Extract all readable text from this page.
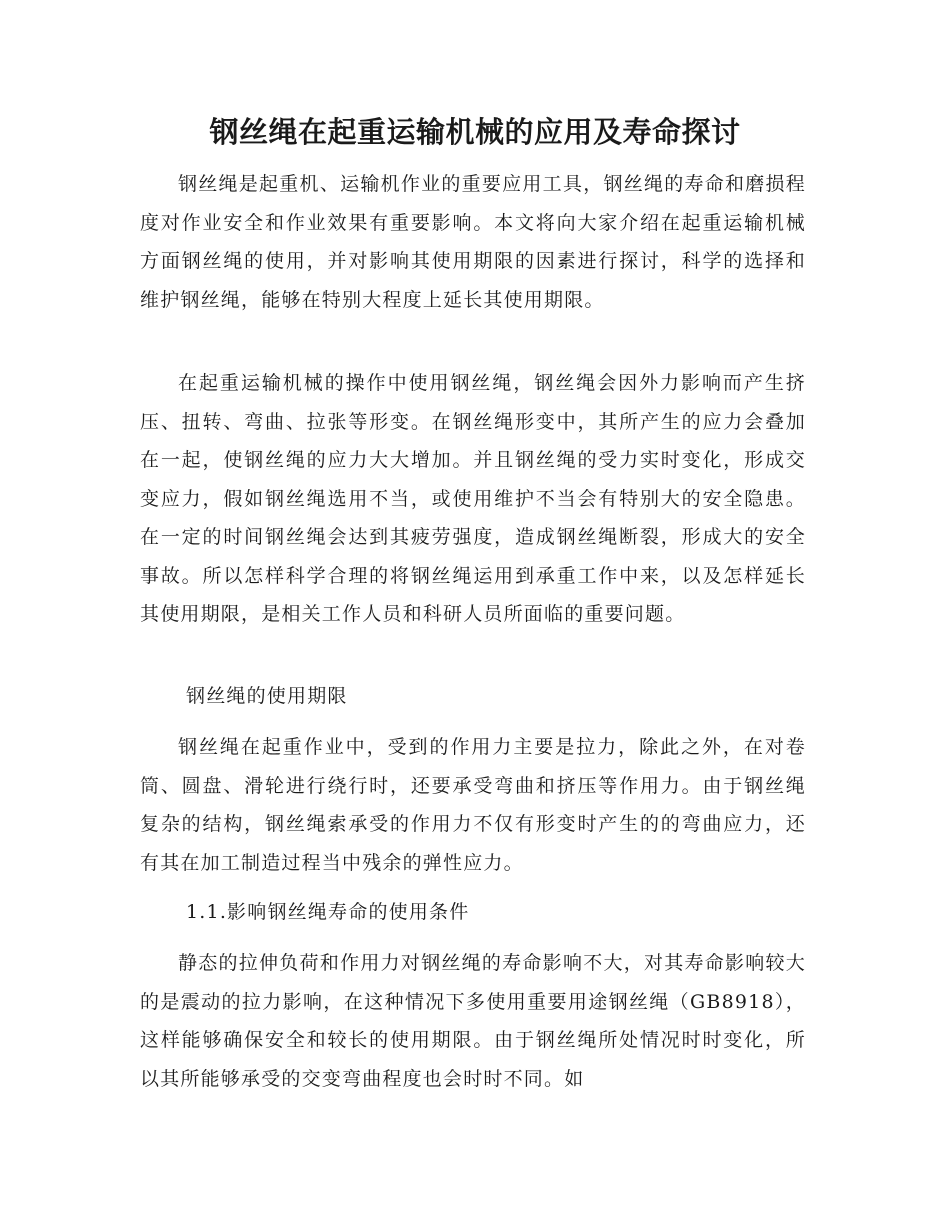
钢丝绳在起重运输机械的应用及寿命探讨

钢丝绳是起重机、运输机作业的重要应用工具，钢丝绳的寿命和磨损程度对作业安全和作业效果有重要影响。本文将向大家介绍在起重运输机械方面钢丝绳的使用，并对影响其使用期限的因素进行探讨，科学的选择和维护钢丝绳，能够在特别大程度上延长其使用期限。

在起重运输机械的操作中使用钢丝绳，钢丝绳会因外力影响而产生挤压、扭转、弯曲、拉张等形变。在钢丝绳形变中，其所产生的应力会叠加在一起，使钢丝绳的应力大大增加。并且钢丝绳的受力实时变化，形成交变应力，假如钢丝绳选用不当，或使用维护不当会有特别大的安全隐患。在一定的时间钢丝绳会达到其疲劳强度，造成钢丝绳断裂，形成大的安全事故。所以怎样科学合理的将钢丝绳运用到承重工作中来，以及怎样延长其使用期限，是相关工作人员和科研人员所面临的重要问题。

钢丝绳的使用期限

钢丝绳在起重作业中，受到的作用力主要是拉力，除此之外，在对卷筒、圆盘、滑轮进行绕行时，还要承受弯曲和挤压等作用力。由于钢丝绳复杂的结构，钢丝绳索承受的作用力不仅有形变时产生的的弯曲应力，还有其在加工制造过程当中残余的弹性应力。

1.1.影响钢丝绳寿命的使用条件

静态的拉伸负荷和作用力对钢丝绳的寿命影响不大，对其寿命影响较大的是震动的拉力影响，在这种情况下多使用重要用途钢丝绳（GB8918），这样能够确保安全和较长的使用期限。由于钢丝绳所处情况时时变化，所以其所能够承受的交变弯曲程度也会时时不同。如
